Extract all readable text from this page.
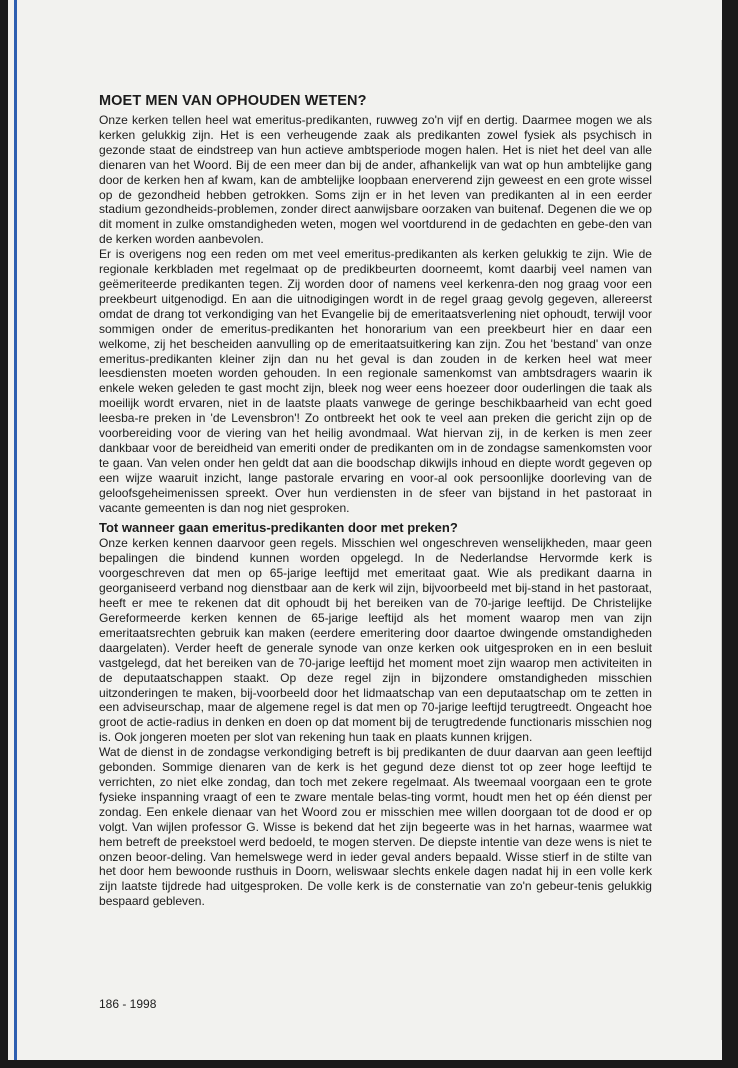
MOET MEN VAN OPHOUDEN WETEN?

Onze kerken tellen heel wat emeritus-predikanten, ruwweg zo'n vijf en dertig. Daarmee mogen we als kerken gelukkig zijn. Het is een verheugende zaak als predikanten zowel fysiek als psychisch in gezonde staat de eindstreep van hun actieve ambtsperiode mogen halen. Het is niet het deel van alle dienaren van het Woord. Bij de een meer dan bij de ander, afhankelijk van wat op hun ambtelijke gang door de kerken hen af kwam, kan de ambtelijke loopbaan enerverend zijn geweest en een grote wissel op de gezondheid hebben getrokken. Soms zijn er in het leven van predikanten al in een eerder stadium gezondheids-problemen, zonder direct aanwijsbare oorzaken van buitenaf. Degenen die we op dit moment in zulke omstandigheden weten, mogen wel voortdurend in de gedachten en gebe-den van de kerken worden aanbevolen.

Er is overigens nog een reden om met veel emeritus-predikanten als kerken gelukkig te zijn. Wie de regionale kerkbladen met regelmaat op de predikbeurten doorneemt, komt daarbij veel namen van geëmeriteerde predikanten tegen. Zij worden door of namens veel kerkenra-den nog graag voor een preekbeurt uitgenodigd. En aan die uitnodigingen wordt in de regel graag gevolg gegeven, allereerst omdat de drang tot verkondiging van het Evangelie bij de emeritaatsverlening niet ophoudt, terwijl voor sommigen onder de emeritus-predikanten het honorarium van een preekbeurt hier en daar een welkome, zij het bescheiden aanvulling op de emeritaatsuitkering kan zijn. Zou het 'bestand' van onze emeritus-predikanten kleiner zijn dan nu het geval is dan zouden in de kerken heel wat meer leesdiensten moeten worden gehouden. In een regionale samenkomst van ambtsdragers waarin ik enkele weken geleden te gast mocht zijn, bleek nog weer eens hoezeer door ouderlingen die taak als moeilijk wordt ervaren, niet in de laatste plaats vanwege de geringe beschikbaarheid van echt goed leesba-re preken in 'de Levensbron'! Zo ontbreekt het ook te veel aan preken die gericht zijn op de voorbereiding voor de viering van het heilig avondmaal. Wat hiervan zij, in de kerken is men zeer dankbaar voor de bereidheid van emeriti onder de predikanten om in de zondagse samenkomsten voor te gaan. Van velen onder hen geldt dat aan die boodschap dikwijls inhoud en diepte wordt gegeven op een wijze waaruit inzicht, lange pastorale ervaring en voor-al ook persoonlijke doorleving van de geloofsgeheimenissen spreekt. Over hun verdiensten in de sfeer van bijstand in het pastoraat in vacante gemeenten is dan nog niet gesproken.

Tot wanneer gaan emeritus-predikanten door met preken?

Onze kerken kennen daarvoor geen regels. Misschien wel ongeschreven wenselijkheden, maar geen bepalingen die bindend kunnen worden opgelegd. In de Nederlandse Hervormde kerk is voorgeschreven dat men op 65-jarige leeftijd met emeritaat gaat. Wie als predikant daarna in georganiseerd verband nog dienstbaar aan de kerk wil zijn, bijvoorbeeld met bij-stand in het pastoraat, heeft er mee te rekenen dat dit ophoudt bij het bereiken van de 70-jarige leeftijd. De Christelijke Gereformeerde kerken kennen de 65-jarige leeftijd als het moment waarop men van zijn emeritaatsrechten gebruik kan maken (eerdere emeritering door daartoe dwingende omstandigheden daargelaten). Verder heeft de generale synode van onze kerken ook uitgesproken en in een besluit vastgelegd, dat het bereiken van de 70-jarige leeftijd het moment moet zijn waarop men activiteiten in de deputaatschappen staakt. Op deze regel zijn in bijzondere omstandigheden misschien uitzonderingen te maken, bij-voorbeeld door het lidmaatschap van een deputaatschap om te zetten in een adviseurschap, maar de algemene regel is dat men op 70-jarige leeftijd terugtreedt. Ongeacht hoe groot de actie-radius in denken en doen op dat moment bij de terugtredende functionaris misschien nog is. Ook jongeren moeten per slot van rekening hun taak en plaats kunnen krijgen.

Wat de dienst in de zondagse verkondiging betreft is bij predikanten de duur daarvan aan geen leeftijd gebonden. Sommige dienaren van de kerk is het gegund deze dienst tot op zeer hoge leeftijd te verrichten, zo niet elke zondag, dan toch met zekere regelmaat. Als tweemaal voorgaan een te grote fysieke inspanning vraagt of een te zware mentale belas-ting vormt, houdt men het op één dienst per zondag. Een enkele dienaar van het Woord zou er misschien mee willen doorgaan tot de dood er op volgt. Van wijlen professor G. Wisse is bekend dat het zijn begeerte was in het harnas, waarmee wat hem betreft de preekstoel werd bedoeld, te mogen sterven. De diepste intentie van deze wens is niet te onzen beoor-deling. Van hemelswege werd in ieder geval anders bepaald. Wisse stierf in de stilte van het door hem bewoonde rusthuis in Doorn, weliswaar slechts enkele dagen nadat hij in een volle kerk zijn laatste tijdrede had uitgesproken. De volle kerk is de consternatie van zo'n gebeur-tenis gelukkig bespaard gebleven.

186 - 1998
